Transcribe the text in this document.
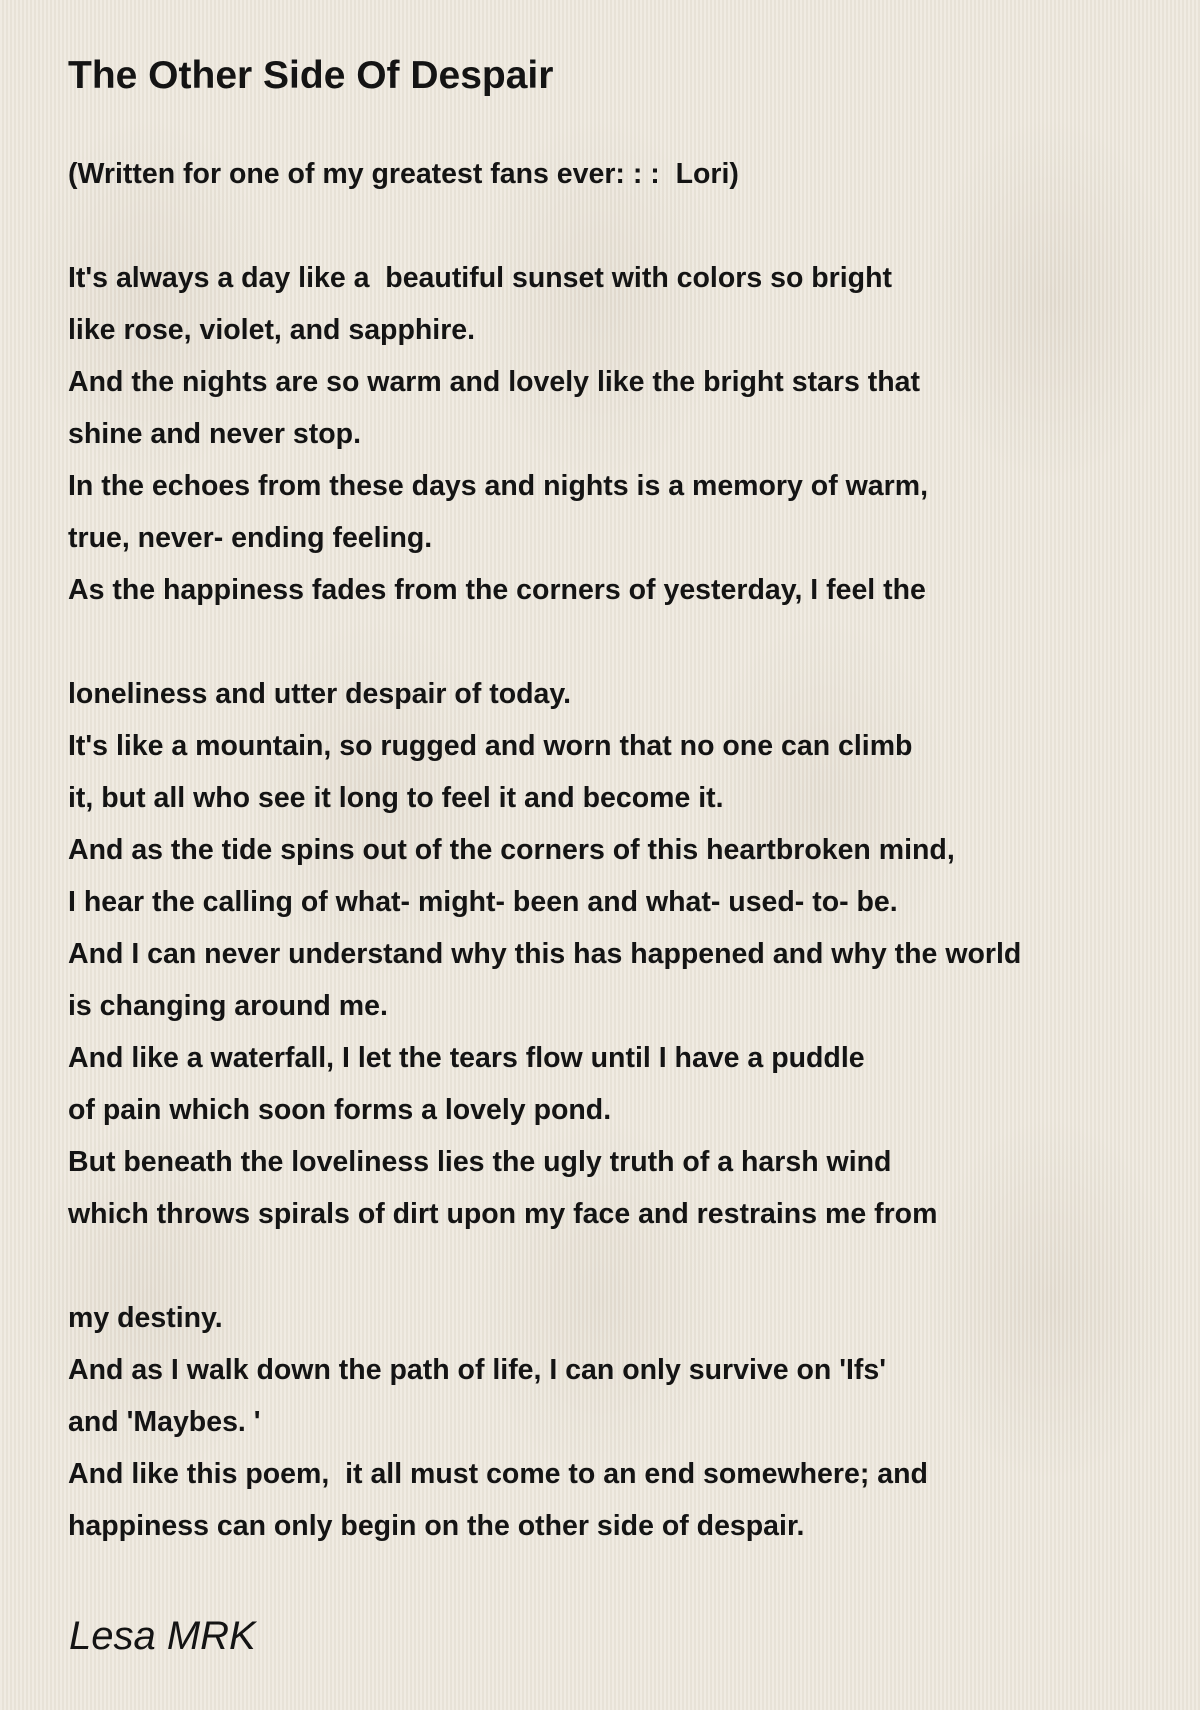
The Other Side Of Despair
(Written for one of my greatest fans ever: : :  Lori)
It's always a day like a  beautiful sunset with colors so bright
like rose, violet, and sapphire.
And the nights are so warm and lovely like the bright stars that
shine and never stop.
In the echoes from these days and nights is a memory of warm,
true, never- ending feeling.
As the happiness fades from the corners of yesterday, I feel the
loneliness and utter despair of today.
It's like a mountain, so rugged and worn that no one can climb
it, but all who see it long to feel it and become it.
And as the tide spins out of the corners of this heartbroken mind,
I hear the calling of what- might- been and what- used- to- be.
And I can never understand why this has happened and why the world
is changing around me.
And like a waterfall, I let the tears flow until I have a puddle
of pain which soon forms a lovely pond.
But beneath the loveliness lies the ugly truth of a harsh wind
which throws spirals of dirt upon my face and restrains me from
my destiny.
And as I walk down the path of life, I can only survive on 'Ifs'
and 'Maybes. '
And like this poem,  it all must come to an end somewhere; and
happiness can only begin on the other side of despair.
Lesa MRK
